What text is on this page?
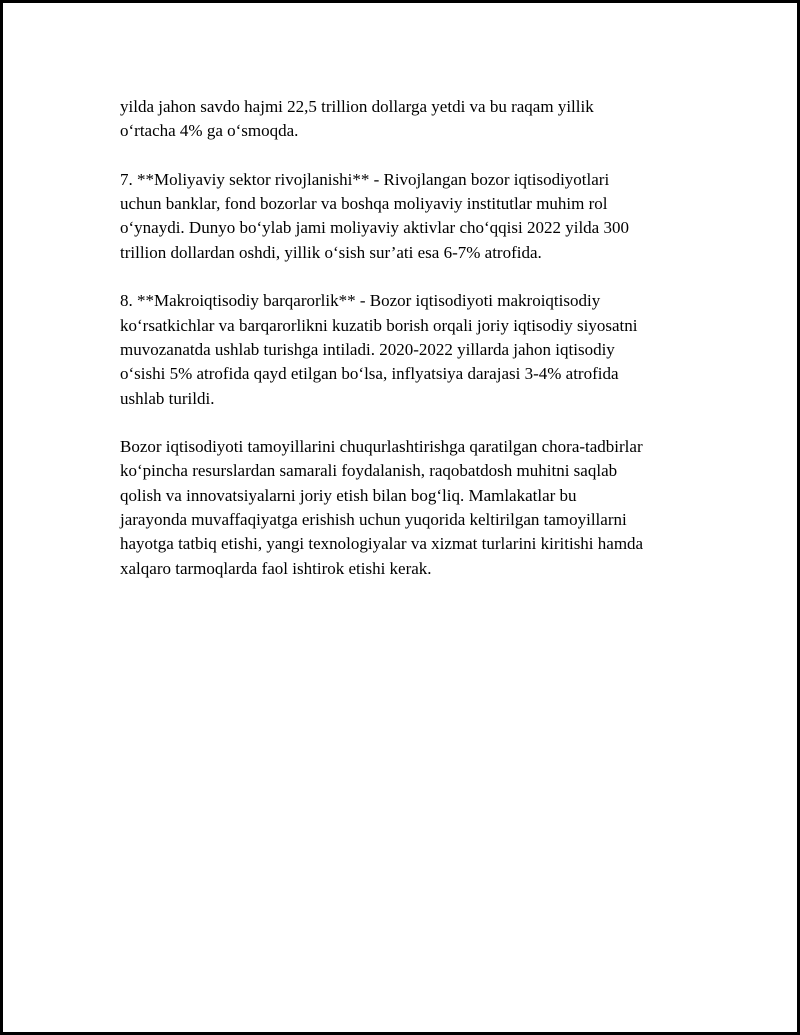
yilda jahon savdo hajmi 22,5 trillion dollarga yetdi va bu raqam yillik
o‘rtacha 4% ga o‘smoqda.

7. **Moliyaviy sektor rivojlanishi** - Rivojlangan bozor iqtisodiyotlari
uchun banklar, fond bozorlar va boshqa moliyaviy institutlar muhim rol
o‘ynaydi. Dunyo bo‘ylab jami moliyaviy aktivlar cho‘qqisi 2022 yilda 300
trillion dollardan oshdi, yillik o‘sish sur’ati esa 6-7% atrofida.

8. **Makroiqtisodiy barqarorlik** - Bozor iqtisodiyoti makroiqtisodiy
ko‘rsatkichlar va barqarorlikni kuzatib borish orqali joriy iqtisodiy siyosatni
muvozanatda ushlab turishga intiladi. 2020-2022 yillarda jahon iqtisodiy
o‘sishi 5% atrofida qayd etilgan bo‘lsa, inflyatsiya darajasi 3-4% atrofida
ushlab turildi.

Bozor iqtisodiyoti tamoyillarini chuqurlashtirishga qaratilgan chora-tadbirlar
ko‘pincha resurslardan samarali foydalanish, raqobatdosh muhitni saqlab
qolish va innovatsiyalarni joriy etish bilan bog‘liq. Mamlakatlar bu
jarayonda muvaffaqiyatga erishish uchun yuqorida keltirilgan tamoyillarni
hayotga tatbiq etishi, yangi texnologiyalar va xizmat turlarini kiritishi hamda
xalqaro tarmoqlarda faol ishtirok etishi kerak.
